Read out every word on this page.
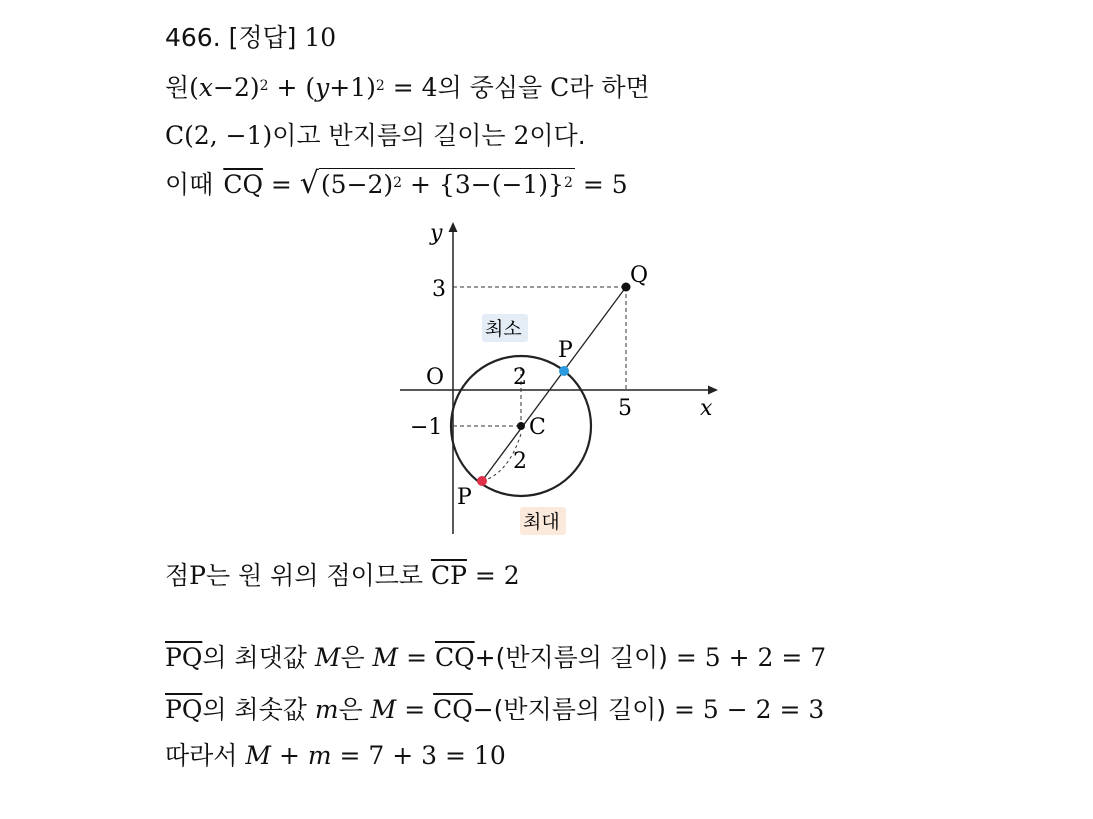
466. [정답] 10
원$(x-2)^2 + (y+1)^2 = 4$의 중심을 C라 하면
C(2, −1)이고 반지름의 길이는 2이다.
이때 $\overline{CQ} = √(5-2)^2 + \{3-(-1)\}^2 = 5$
y
x
O
3
5
−1
2
2
C
Q
P
P
최소
최대
점P는 원 위의 점이므로 $\overline{CP} = 2$
$\overline{PQ}$의 최댓값 M은 $M = \overline{CQ}+$(반지름의 길이) = 5 + 2 = 7
$\overline{PQ}$의 최솟값 m은 $M = \overline{CQ}-$(반지름의 길이) = 5 − 2 = 3
따라서 M + m = 7 + 3 = 10
